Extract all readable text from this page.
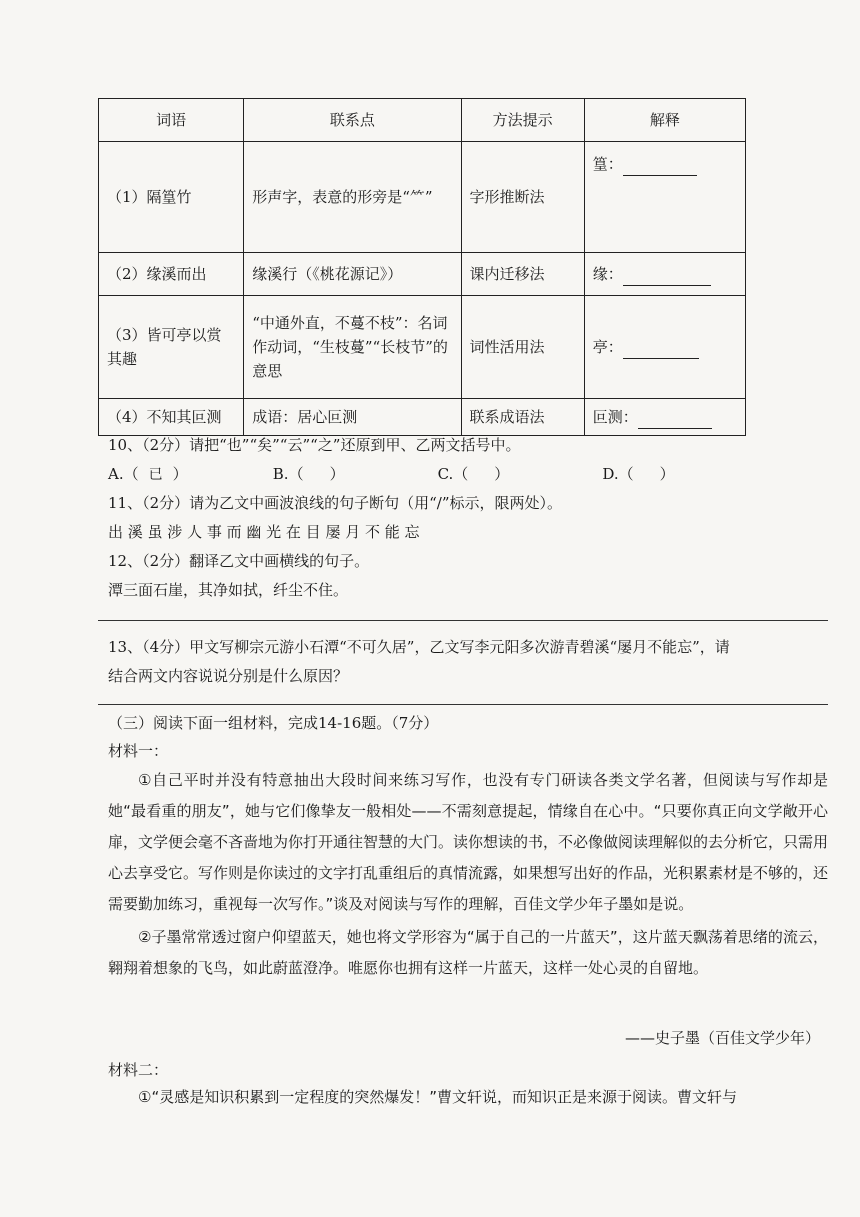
词语	联系点	方法提示	解释
（1）隔篁竹	形声字，表意的形旁是“⺮”	字形推断法	篁：
（2）缘溪而出	缘溪行（《桃花源记》）	课内迁移法	缘：
（3）皆可亭以赏其趣	“中通外直，不蔓不枝”：名词作动词，“生枝蔓”“长枝节”的意思	词性活用法	亭：
（4）不知其叵测	成语：居心叵测	联系成语法	叵测：
10、（2分）请把“也”“矣”“云”“之”还原到甲、乙两文括号中。
A.（ 已 ）	B.（ ）	C.（ ）	D.（ ）
11、（2分）请为乙文中画波浪线的句子断句（用“/”标示，限两处）。
出 溪 虽 涉 人 事 而 幽 光 在 目 屡 月 不 能 忘
12、（2分）翻译乙文中画横线的句子。
潭三面石崖，其净如拭，纤尘不住。
13、（4分）甲文写柳宗元游小石潭“不可久居”，乙文写李元阳多次游青碧溪“屡月不能忘”，请
结合两文内容说说分别是什么原因？
（三）阅读下面一组材料，完成14-16题。（7分）
材料一：
①自己平时并没有特意抽出大段时间来练习写作，也没有专门研读各类文学名著，但阅读与写作却是她“最看重的朋友”，她与它们像挚友一般相处——不需刻意提起，情缘自在心中。“只要你真正向文学敞开心扉，文学便会毫不吝啬地为你打开通往智慧的大门。读你想读的书，不必像做阅读理解似的去分析它，只需用心去享受它。写作则是你读过的文字打乱重组后的真情流露，如果想写出好的作品，光积累素材是不够的，还需要勤加练习，重视每一次写作。”谈及对阅读与写作的理解，百佳文学少年子墨如是说。
②子墨常常透过窗户仰望蓝天，她也将文学形容为“属于自己的一片蓝天”，这片蓝天飘荡着思绪的流云，翱翔着想象的飞鸟，如此蔚蓝澄净。唯愿你也拥有这样一片蓝天，这样一处心灵的自留地。
——史子墨（百佳文学少年）
材料二：
①“灵感是知识积累到一定程度的突然爆发！”曹文轩说，而知识正是来源于阅读。曹文轩与
